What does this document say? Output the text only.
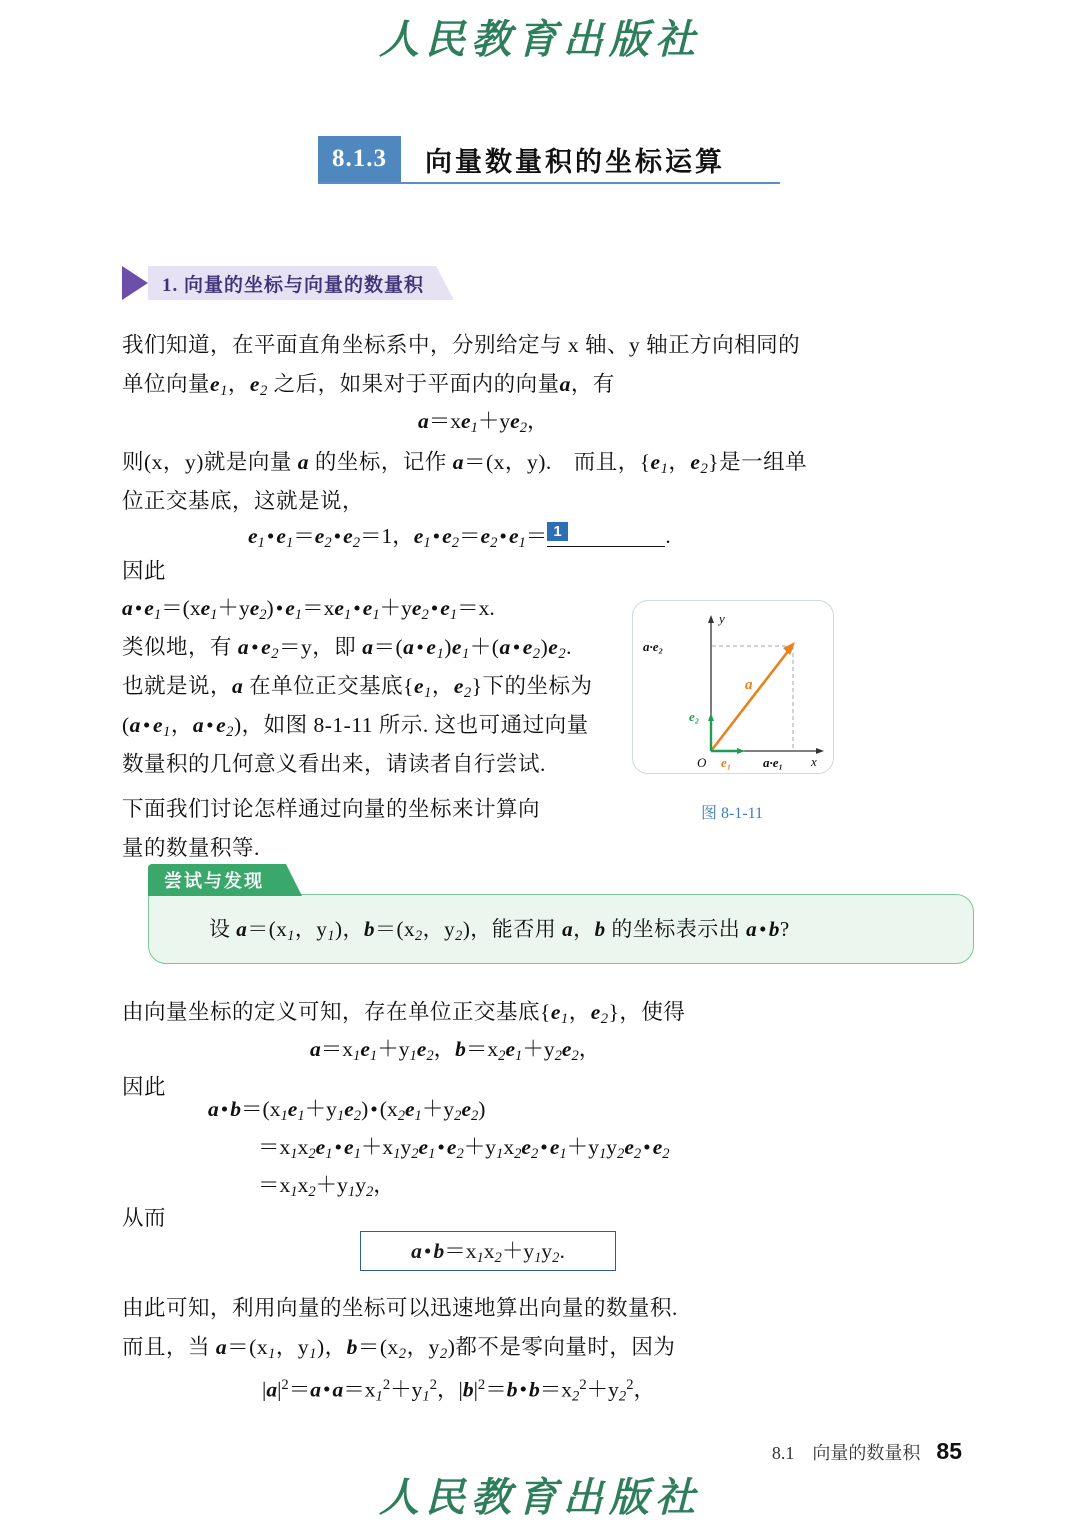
人民教育出版社
人民教育出版社
8.1.3	向量数量积的坐标运算
1. 向量的坐标与向量的数量积
我们知道，在平面直角坐标系中，分别给定与 x 轴、y 轴正方向相同的
单位向量$e_1$，$e_2$ 之后，如果对于平面内的向量a，有
$a=xe_1+ye_2$，
则(x，y)就是向量 a 的坐标，记作 a＝(x，y).　而且，{$e_1$，$e_2$}是一组单
位正交基底，这就是说，
$e_1•e_1=e_2•e_2=1$，$e_1•e_2=e_2•e_1= 1$	.
因此
$a•e_1=(xe_1+ye_2)•e_1=xe_1•e_1+ye_2•e_1=x$.
类似地，有 $a•e_2=y$，即 $a=(a•e_1)e_1+(a•e_2)e_2$.
也就是说，a 在单位正交基底{$e_1$，$e_2$}下的坐标为
($a•e_1$，$a•e_2$)，如图 8-1-11 所示. 这也可通过向量
数量积的几何意义看出来，请读者自行尝试.
下面我们讨论怎样通过向量的坐标来计算向
量的数量积等.
y
x
O e₁
e₂
a
a·e₂
a·e₁
图 8-1-11
尝试与发现
设 $a=(x_1$，$y_1$)，$b=(x_2$，$y_2$)，能否用 a，b 的坐标表示出 a•b?
由向量坐标的定义可知，存在单位正交基底{$e_1$，$e_2$}，使得
$a=x_1e_1+y_1e_2$，$b=x_2e_1+y_2e_2$，
因此
$a•b=(x_1e_1+y_1e_2)•(x_2e_1+y_2e_2)$
$=x_1x_2e_1•e_1+x_1y_2e_1•e_2+y_1x_2e_2•e_1+y_1y_2e_2•e_2$
$=x_1x_2+y_1y_2$，
从而
$a•b=x_1x_2+y_1y_2$.
由此可知，利用向量的坐标可以迅速地算出向量的数量积.
而且，当 $a=(x_1$，$y_1$)，$b=(x_2$，$y_2$)都不是零向量时，因为
$|a|^2=a•a=x_1^2+y_1^2$，$|b|^2=b•b=x_2^2+y_2^2$，
8.1　向量的数量积 85
